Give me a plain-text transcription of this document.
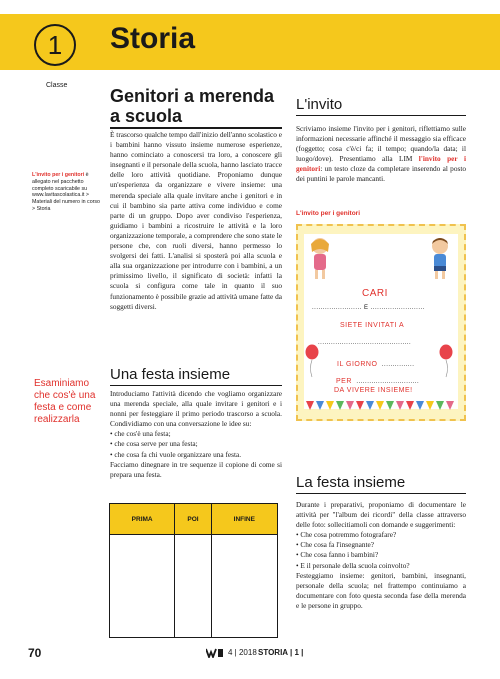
1	Storia
Classe
L'invito per i genitori è allegato nel pacchetto completo scaricabile su www.lavitascolastica.it > Materiali del numero in corso > Storia
Esaminiamo che cos'è una festa e come realizzarla
Genitori a merenda
a scuola
È trascorso qualche tempo dall'inizio dell'anno scolastico e i bambini hanno vissuto insieme numerose esperienze, hanno cominciato a conoscersi tra loro, a conoscere gli insegnanti e il personale della scuola, hanno lasciato tracce delle loro attività quotidiane. Proponiamo dunque un'esperienza da organizzare e vivere insieme: una merenda speciale alla quale invitare anche i genitori e in cui il bambino sia parte attiva come individuo e come parte di un gruppo. Dopo aver condiviso l'esperienza, guidiamo i bambini a ricostruire le attività e la loro organizzazione temporale, a comprendere che sono state le persone che, con ruoli diversi, hanno permesso lo svolgersi dei fatti. L'analisi si sposterà poi alla scuola e alla sua organizzazione per introdurre con i bambini, a un primissimo livello, il significato di società: infatti la scuola si configura come tale in quanto il suo funzionamento è possibile grazie ad attività umane fatte da soggetti diversi.
Una festa insieme

Introduciamo l'attività dicendo che vogliamo organizzare una merenda speciale, alla quale invitare i genitori e i nonni per festeggiare il primo periodo trascorso a scuola. Condividiamo con una conversazione le idee su:

• che cos'è una festa;

• che cosa serve per una festa;

• che cosa fa chi vuole organizzare una festa.

Facciamo dinegnare in tre sequenze il copione di come si prepara una festa.

PRIMA	POI	INFINE

L'invito
Scriviamo insieme l'invito per i genitori, riflettiamo sulle informazioni necessarie affinché il messaggio sia efficace (foggetto; cosa c'è/ci fa; il tempo; quando/la data; il luogo/dove). Presentiamo alla LIM l'invito per i genitori: un testo cloze da completare inserendo al posto dei puntini le parole mancanti.
L'invito per i genitori
CARI
....................... E .........................
SIETE INVITATI A
...........................................
IL GIORNO ...............
PER .............................
DA VIVERE INSIEME!
La festa insieme

Durante i preparativi, proponiamo di documentare le attività per "l'album dei ricordi" della classe attraverso delle foto: sollecitiamoli con domande e suggerimenti:

• Che cosa potremmo fotografare?

• Che cosa fa l'insegnante?

• Che cosa fanno i bambini?

• E il personale della scuola coinvolto?

Festeggiamo insieme: genitori, bambini, insegnanti, personale della scuola; nel frattempo continuiamo a documentare con foto questa seconda fase della merenda e le persone in gruppo.

70	4 | 2018 STORIA | 1 |
